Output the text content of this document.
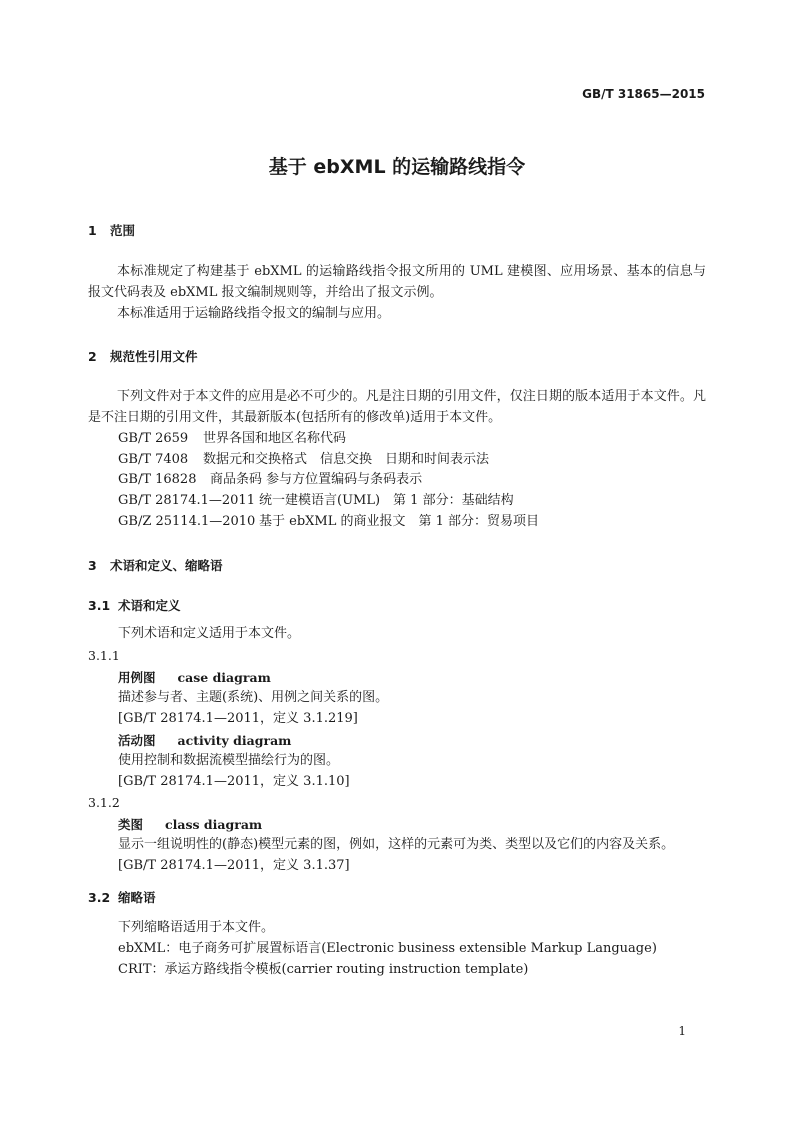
GB/T 31865—2015
基于 ebXML 的运输路线指令
1 范围
本标准规定了构建基于 ebXML 的运输路线指令报文所用的 UML 建模图、应用场景、基本的信息与报文代码表及 ebXML 报文编制规则等，并给出了报文示例。
本标准适用于运输路线指令报文的编制与应用。
2 规范性引用文件
下列文件对于本文件的应用是必不可少的。凡是注日期的引用文件，仅注日期的版本适用于本文件。凡是不注日期的引用文件，其最新版本(包括所有的修改单)适用于本文件。
GB/T 2659 世界各国和地区名称代码
GB/T 7408 数据元和交换格式　信息交换　日期和时间表示法
GB/T 16828 商品条码 参与方位置编码与条码表示
GB/T 28174.1—2011 统一建模语言(UML)　第 1 部分：基础结构
GB/Z 25114.1—2010 基于 ebXML 的商业报文　第 1 部分：贸易项目
3 术语和定义、缩略语
3.1 术语和定义
下列术语和定义适用于本文件。
3.1.1
用例图 case diagram
描述参与者、主题(系统)、用例之间关系的图。
[GB/T 28174.1—2011，定义 3.1.219]
活动图 activity diagram
使用控制和数据流模型描绘行为的图。
[GB/T 28174.1—2011，定义 3.1.10]
3.1.2
类图 class diagram
显示一组说明性的(静态)模型元素的图，例如，这样的元素可为类、类型以及它们的内容及关系。
[GB/T 28174.1—2011，定义 3.1.37]
3.2 缩略语
下列缩略语适用于本文件。
ebXML：电子商务可扩展置标语言(Electronic business extensible Markup Language)
CRIT：承运方路线指令模板(carrier routing instruction template)
1
